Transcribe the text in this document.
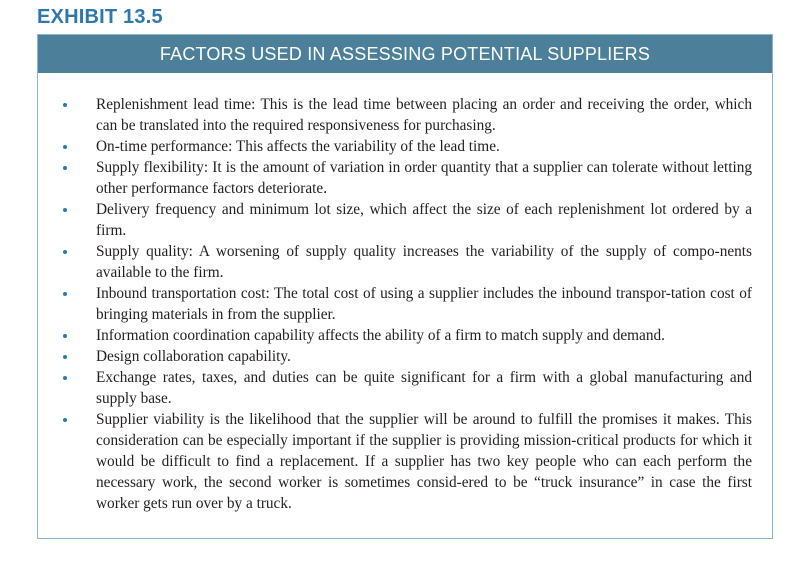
EXHIBIT 13.5
FACTORS USED IN ASSESSING POTENTIAL SUPPLIERS
Replenishment lead time: This is the lead time between placing an order and receiving the order, which can be translated into the required responsiveness for purchasing.
On-time performance: This affects the variability of the lead time.
Supply flexibility: It is the amount of variation in order quantity that a supplier can tolerate without letting other performance factors deteriorate.
Delivery frequency and minimum lot size, which affect the size of each replenishment lot ordered by a firm.
Supply quality: A worsening of supply quality increases the variability of the supply of compo-nents available to the firm.
Inbound transportation cost: The total cost of using a supplier includes the inbound transpor-tation cost of bringing materials in from the supplier.
Information coordination capability affects the ability of a firm to match supply and demand.
Design collaboration capability.
Exchange rates, taxes, and duties can be quite significant for a firm with a global manufacturing and supply base.
Supplier viability is the likelihood that the supplier will be around to fulfill the promises it makes. This consideration can be especially important if the supplier is providing mission-critical products for which it would be difficult to find a replacement. If a supplier has two key people who can each perform the necessary work, the second worker is sometimes consid-ered to be “truck insurance” in case the first worker gets run over by a truck.
